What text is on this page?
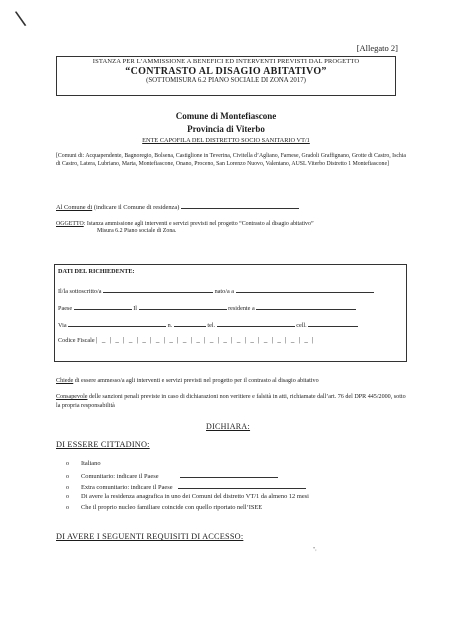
\
[Allegato 2]
ISTANZA PER L’AMMISSIONE A BENEFICI ED INTERVENTI PREVISTI DAL PROGETTO
“CONTRASTO AL DISAGIO ABITATIVO”
(SOTTOMISURA 6.2 PIANO SOCIALE DI ZONA 2017)
Comune di Montefiascone
Provincia di Viterbo
ENTE CAPOFILA DEL DISTRETTO SOCIO SANITARIO VT/1
[Comuni di: Acquapendente, Bagnoregio, Bolsena, Castiglione in Teverina, Civitella d’Agliano, Farnese, Gradoli Graffignano, Grotte di Castro, Ischia di Castro, Latera, Lubriano, Marta, Montefiascone, Onano, Proceno, San Lorenzo Nuovo, Valentano, AUSL Viterbo Distretto 1 Montefiascone]
Al Comune di (indicare il Comune di residenza)
OGGETTO: Istanza ammissione agli interventi e servizi previsti nel progetto “Contrasto al disagio abitativo”
Misura 6.2 Piano sociale di Zona.
DATI DEL RICHIEDENTE:
Il/la sottoscritto/a	nato/a a
Paese	Il	residente a
Via	n.	tel.	cell.
Codice Fiscale |_|_|_|_|_|_|_|_|_|_|_|_|_|_|_|_|
Chiede di essere ammesso/a agli interventi e servizi previsti nel progetto per il contrasto al disagio abitativo
Consapevole delle sanzioni penali previste in caso di dichiarazioni non veritiere e falsità in atti, richiamate dall’art. 76 del DPR 445/2000, sotto la propria responsabilità
DICHIARA:
DI ESSERE CITTADINO:
o Italiano
o Comunitario: indicare il Paese
o Extra comunitario: indicare il Paese
o Di avere la residenza anagrafica in uno dei Comuni del distretto VT/1 da almeno 12 mesi
o Che il proprio nucleo familiare coincide con quello riportato nell’ISEE
DI AVERE I SEGUENTI REQUISITI DI ACCESSO:
•,
